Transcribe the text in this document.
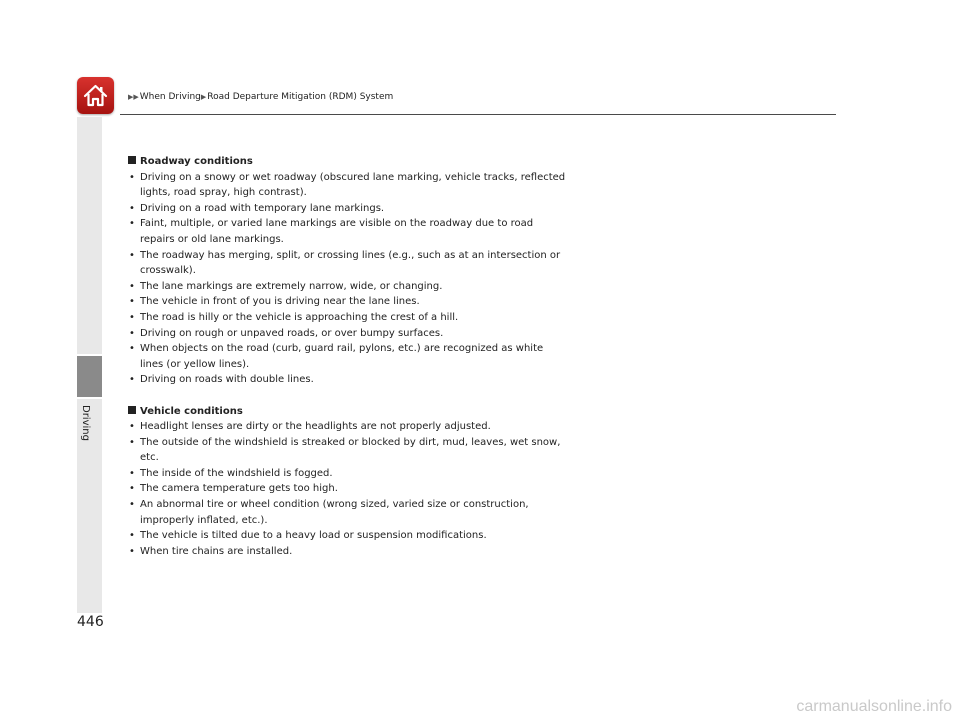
▶▶When Driving▶Road Departure Mitigation (RDM) System
Driving
Roadway conditions
• Driving on a snowy or wet roadway (obscured lane marking, vehicle tracks, reflected lights, road spray, high contrast).
• Driving on a road with temporary lane markings.
• Faint, multiple, or varied lane markings are visible on the roadway due to road repairs or old lane markings.
• The roadway has merging, split, or crossing lines (e.g., such as at an intersection or crosswalk).
• The lane markings are extremely narrow, wide, or changing.
• The vehicle in front of you is driving near the lane lines.
• The road is hilly or the vehicle is approaching the crest of a hill.
• Driving on rough or unpaved roads, or over bumpy surfaces.
• When objects on the road (curb, guard rail, pylons, etc.) are recognized as white lines (or yellow lines).
• Driving on roads with double lines.
Vehicle conditions
• Headlight lenses are dirty or the headlights are not properly adjusted.
• The outside of the windshield is streaked or blocked by dirt, mud, leaves, wet snow, etc.
• The inside of the windshield is fogged.
• The camera temperature gets too high.
• An abnormal tire or wheel condition (wrong sized, varied size or construction, improperly inflated, etc.).
• The vehicle is tilted due to a heavy load or suspension modifications.
• When tire chains are installed.
446
carmanualsonline.info
